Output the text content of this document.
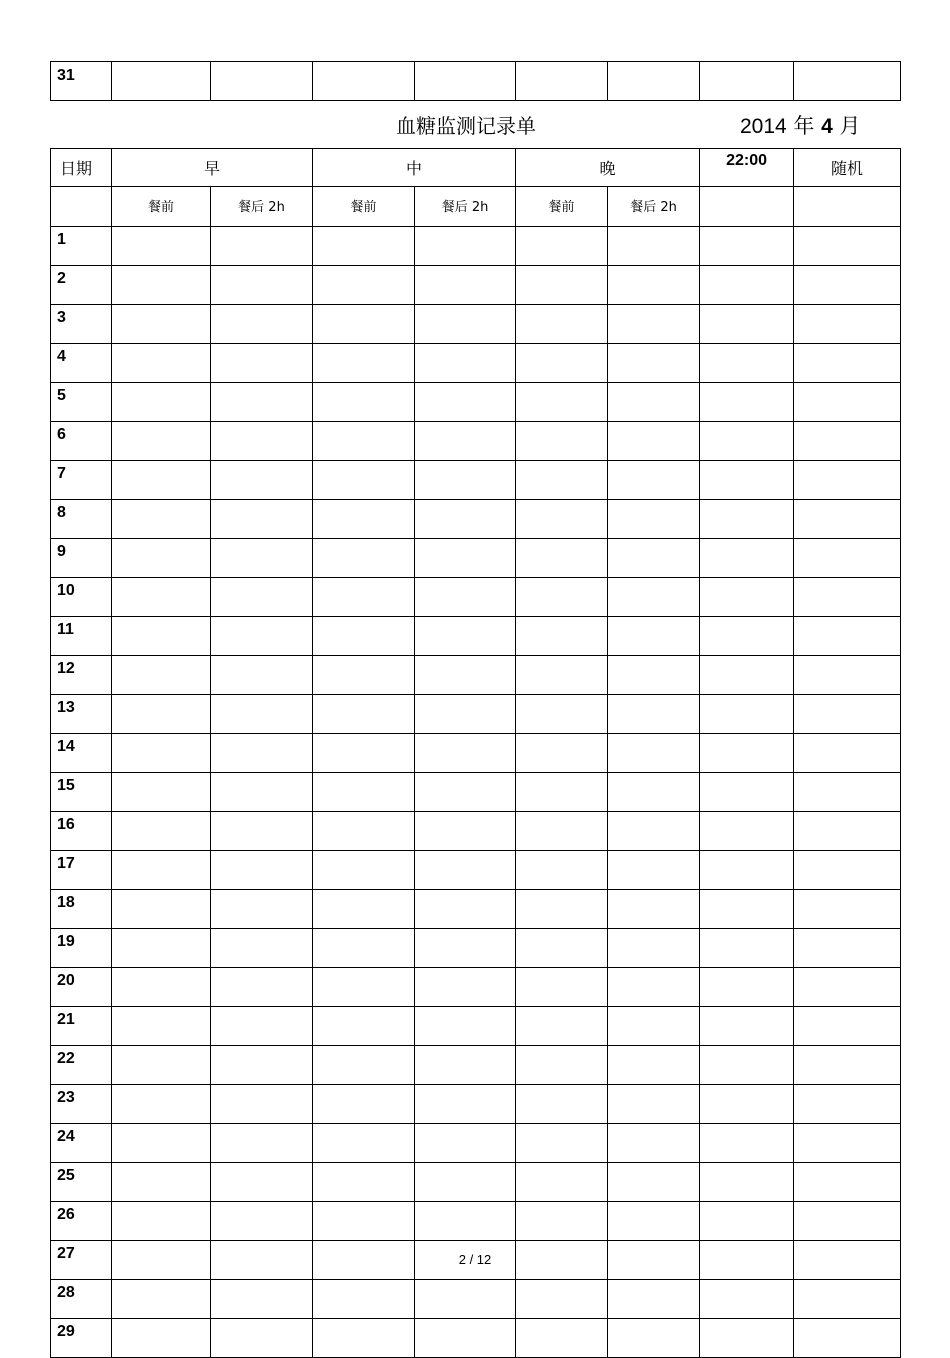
31								
血糖监测记录单	2014 年 4 月
日期	早		中		晚		22:00	随机
	餐前	餐后 2h	餐前	餐后 2h	餐前	餐后 2h		
1								
2								
3								
4								
5								
6								
7								
8								
9								
10								
11								
12								
13								
14								
15								
16								
17								
18								
19								
20								
21								
22								
23								
24								
25								
26								
27								
28								
29								
2 / 12
